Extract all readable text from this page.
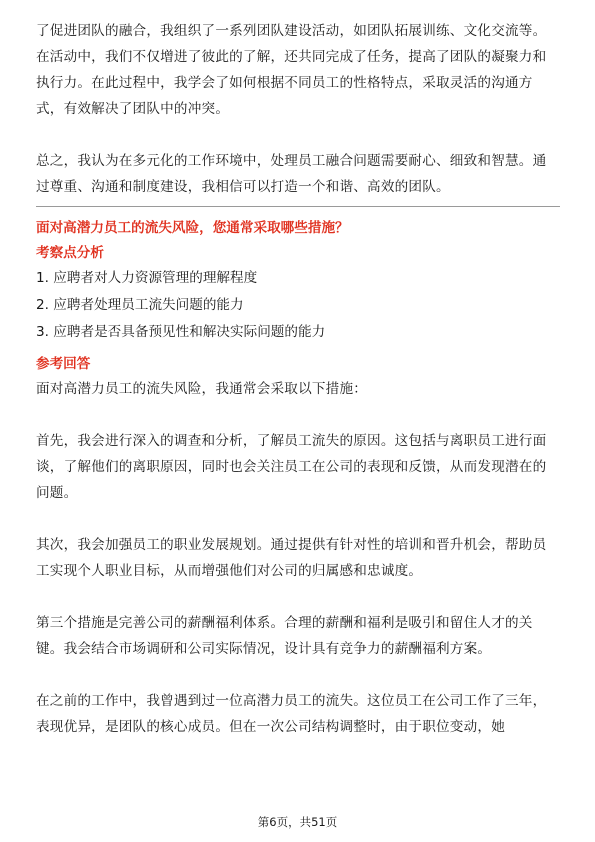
了促进团队的融合，我组织了一系列团队建设活动，如团队拓展训练、文化交流等。在活动中，我们不仅增进了彼此的了解，还共同完成了任务，提高了团队的凝聚力和执行力。在此过程中，我学会了如何根据不同员工的性格特点，采取灵活的沟通方式，有效解决了团队中的冲突。

总之，我认为在多元化的工作环境中，处理员工融合问题需要耐心、细致和智慧。通过尊重、沟通和制度建设，我相信可以打造一个和谐、高效的团队。

面对高潜力员工的流失风险，您通常采取哪些措施？

考察点分析

1. 应聘者对人力资源管理的理解程度

2. 应聘者处理员工流失问题的能力

3. 应聘者是否具备预见性和解决实际问题的能力

参考回答

面对高潜力员工的流失风险，我通常会采取以下措施：

首先，我会进行深入的调查和分析，了解员工流失的原因。这包括与离职员工进行面谈，了解他们的离职原因，同时也会关注员工在公司的表现和反馈，从而发现潜在的问题。

其次，我会加强员工的职业发展规划。通过提供有针对性的培训和晋升机会，帮助员工实现个人职业目标，从而增强他们对公司的归属感和忠诚度。

第三个措施是完善公司的薪酬福利体系。合理的薪酬和福利是吸引和留住人才的关键。我会结合市场调研和公司实际情况，设计具有竞争力的薪酬福利方案。

在之前的工作中，我曾遇到过一位高潜力员工的流失。这位员工在公司工作了三年，表现优异，是团队的核心成员。但在一次公司结构调整时，由于职位变动，她

第6页，共51页
